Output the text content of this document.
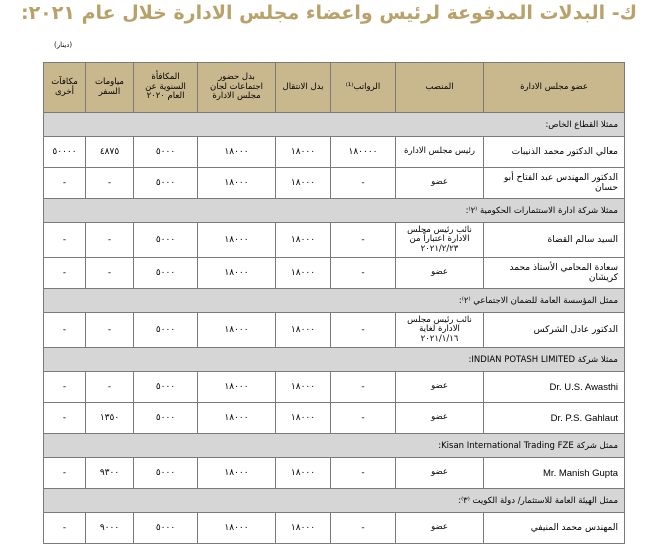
ك- البدلات المدفوعة لرئيس واعضاء مجلس الادارة خلال عام ٢٠٢١:
(دينار)
عضو مجلس الادارة	المنصب	الرواتب⁽¹⁾	بدل الانتقال	بدل حضور اجتماعات لجان مجلس الادارة	المكافأة السنوية عن العام ٢٠٢٠	مياومات السفر	مكافآت أخرى
ممثلا القطاع الخاص:							
معالي الدكتور محمد الذنيبات	رئيس مجلس الادارة	١٨٠٠٠٠	١٨٠٠٠	١٨٠٠٠	٥٠٠٠	٤٨٧٥	٥٠٠٠٠
الدكتور المهندس عبد الفتاح أبو حسان	عضو	-	١٨٠٠٠	١٨٠٠٠	٥٠٠٠	-	-
ممثلا شركة ادارة الاستثمارات الحكومية ⁽٢⁾:							
السيد سالم القضاة	نائب رئيس مجلس الادارة اعتباراً من ٢٠٢١/٢/٢٣	-	١٨٠٠٠	١٨٠٠٠	٥٠٠٠	-	-
سعادة المحامي الأستاذ محمد كريشان	عضو	-	١٨٠٠٠	١٨٠٠٠	٥٠٠٠	-	-
ممثل المؤسسة العامة للضمان الاجتماعي ⁽٢⁾:							
الدكتور عادل الشركس	نائب رئيس مجلس الادارة لغاية ٢٠٢١/١/١٦	-	١٨٠٠٠	١٨٠٠٠	٥٠٠٠	-	-
ممثلا شركة INDIAN POTASH LIMITED:							
Dr. U.S. Awasthi	عضو	-	١٨٠٠٠	١٨٠٠٠	٥٠٠٠	-	-
Dr. P.S. Gahlaut	عضو	-	١٨٠٠٠	١٨٠٠٠	٥٠٠٠	١٣٥٠	-
ممثل شركة Kisan International Trading FZE:							
Mr. Manish Gupta	عضو	-	١٨٠٠٠	١٨٠٠٠	٥٠٠٠	٩٣٠٠	-
ممثل الهيئة العامة للاستثمار/ دولة الكويت ⁽٣⁾:							
المهندس محمد المنيفي	عضو	-	١٨٠٠٠	١٨٠٠٠	٥٠٠٠	٩٠٠٠	-
